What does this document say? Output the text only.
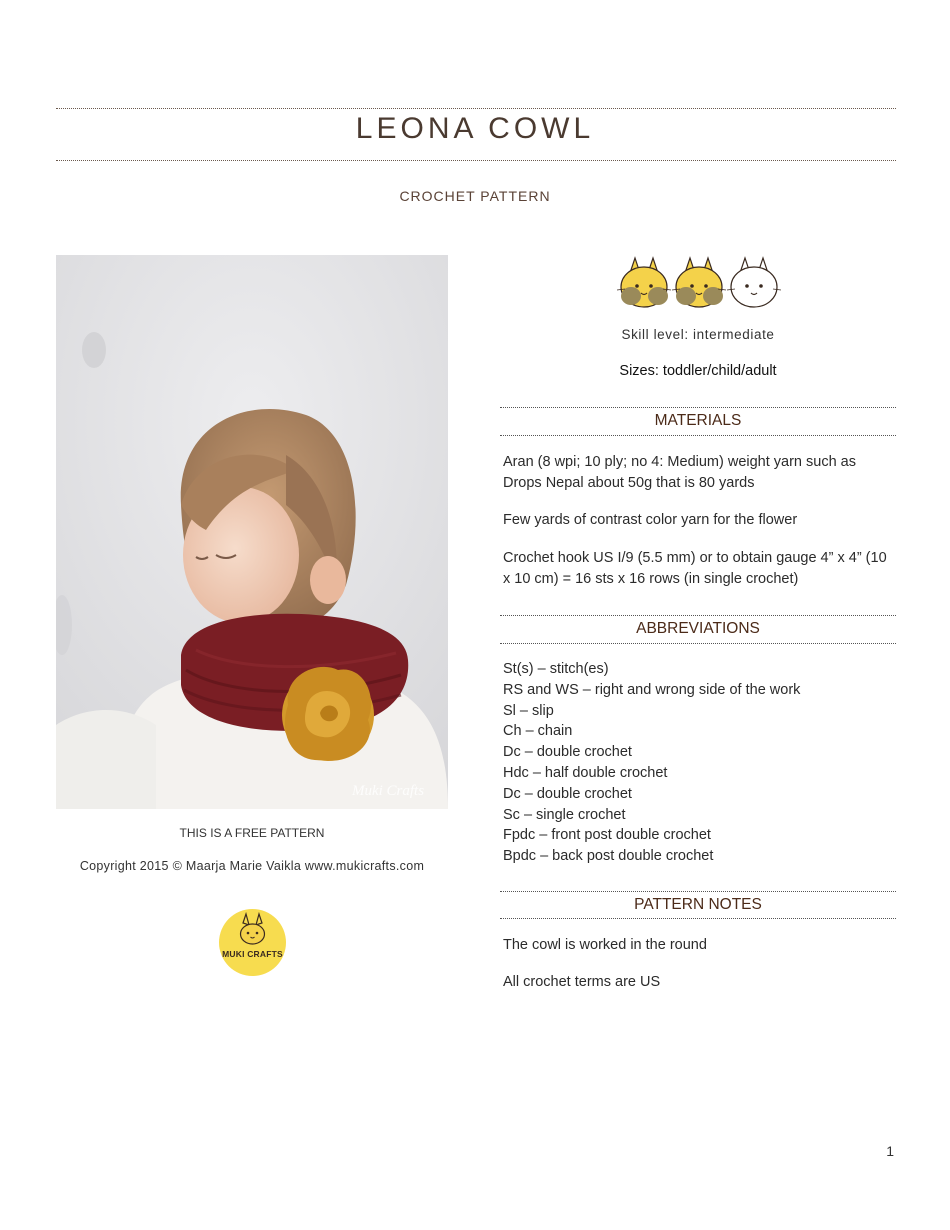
LEONA COWL
CROCHET PATTERN
Muki Crafts
THIS IS A FREE PATTERN
Copyright 2015 © Maarja Marie Vaikla www.mukicrafts.com
MUKI CRAFTS
Skill level: intermediate
Sizes: toddler/child/adult
MATERIALS
Aran (8 wpi; 10 ply; no 4: Medium) weight yarn such as Drops Nepal about 50g that is 80 yards
Few yards of contrast color yarn for the flower
Crochet hook US I/9 (5.5 mm) or to obtain gauge 4” x 4” (10 x 10 cm) = 16 sts x 16 rows (in single crochet)
ABBREVIATIONS
St(s) – stitch(es)
RS and WS – right and wrong side of the work
Sl – slip
Ch – chain
Dc – double crochet
Hdc – half double crochet
Dc – double crochet
Sc – single crochet
Fpdc – front post double crochet
Bpdc – back post double crochet
PATTERN NOTES
The cowl is worked in the round
All crochet terms are US
1
